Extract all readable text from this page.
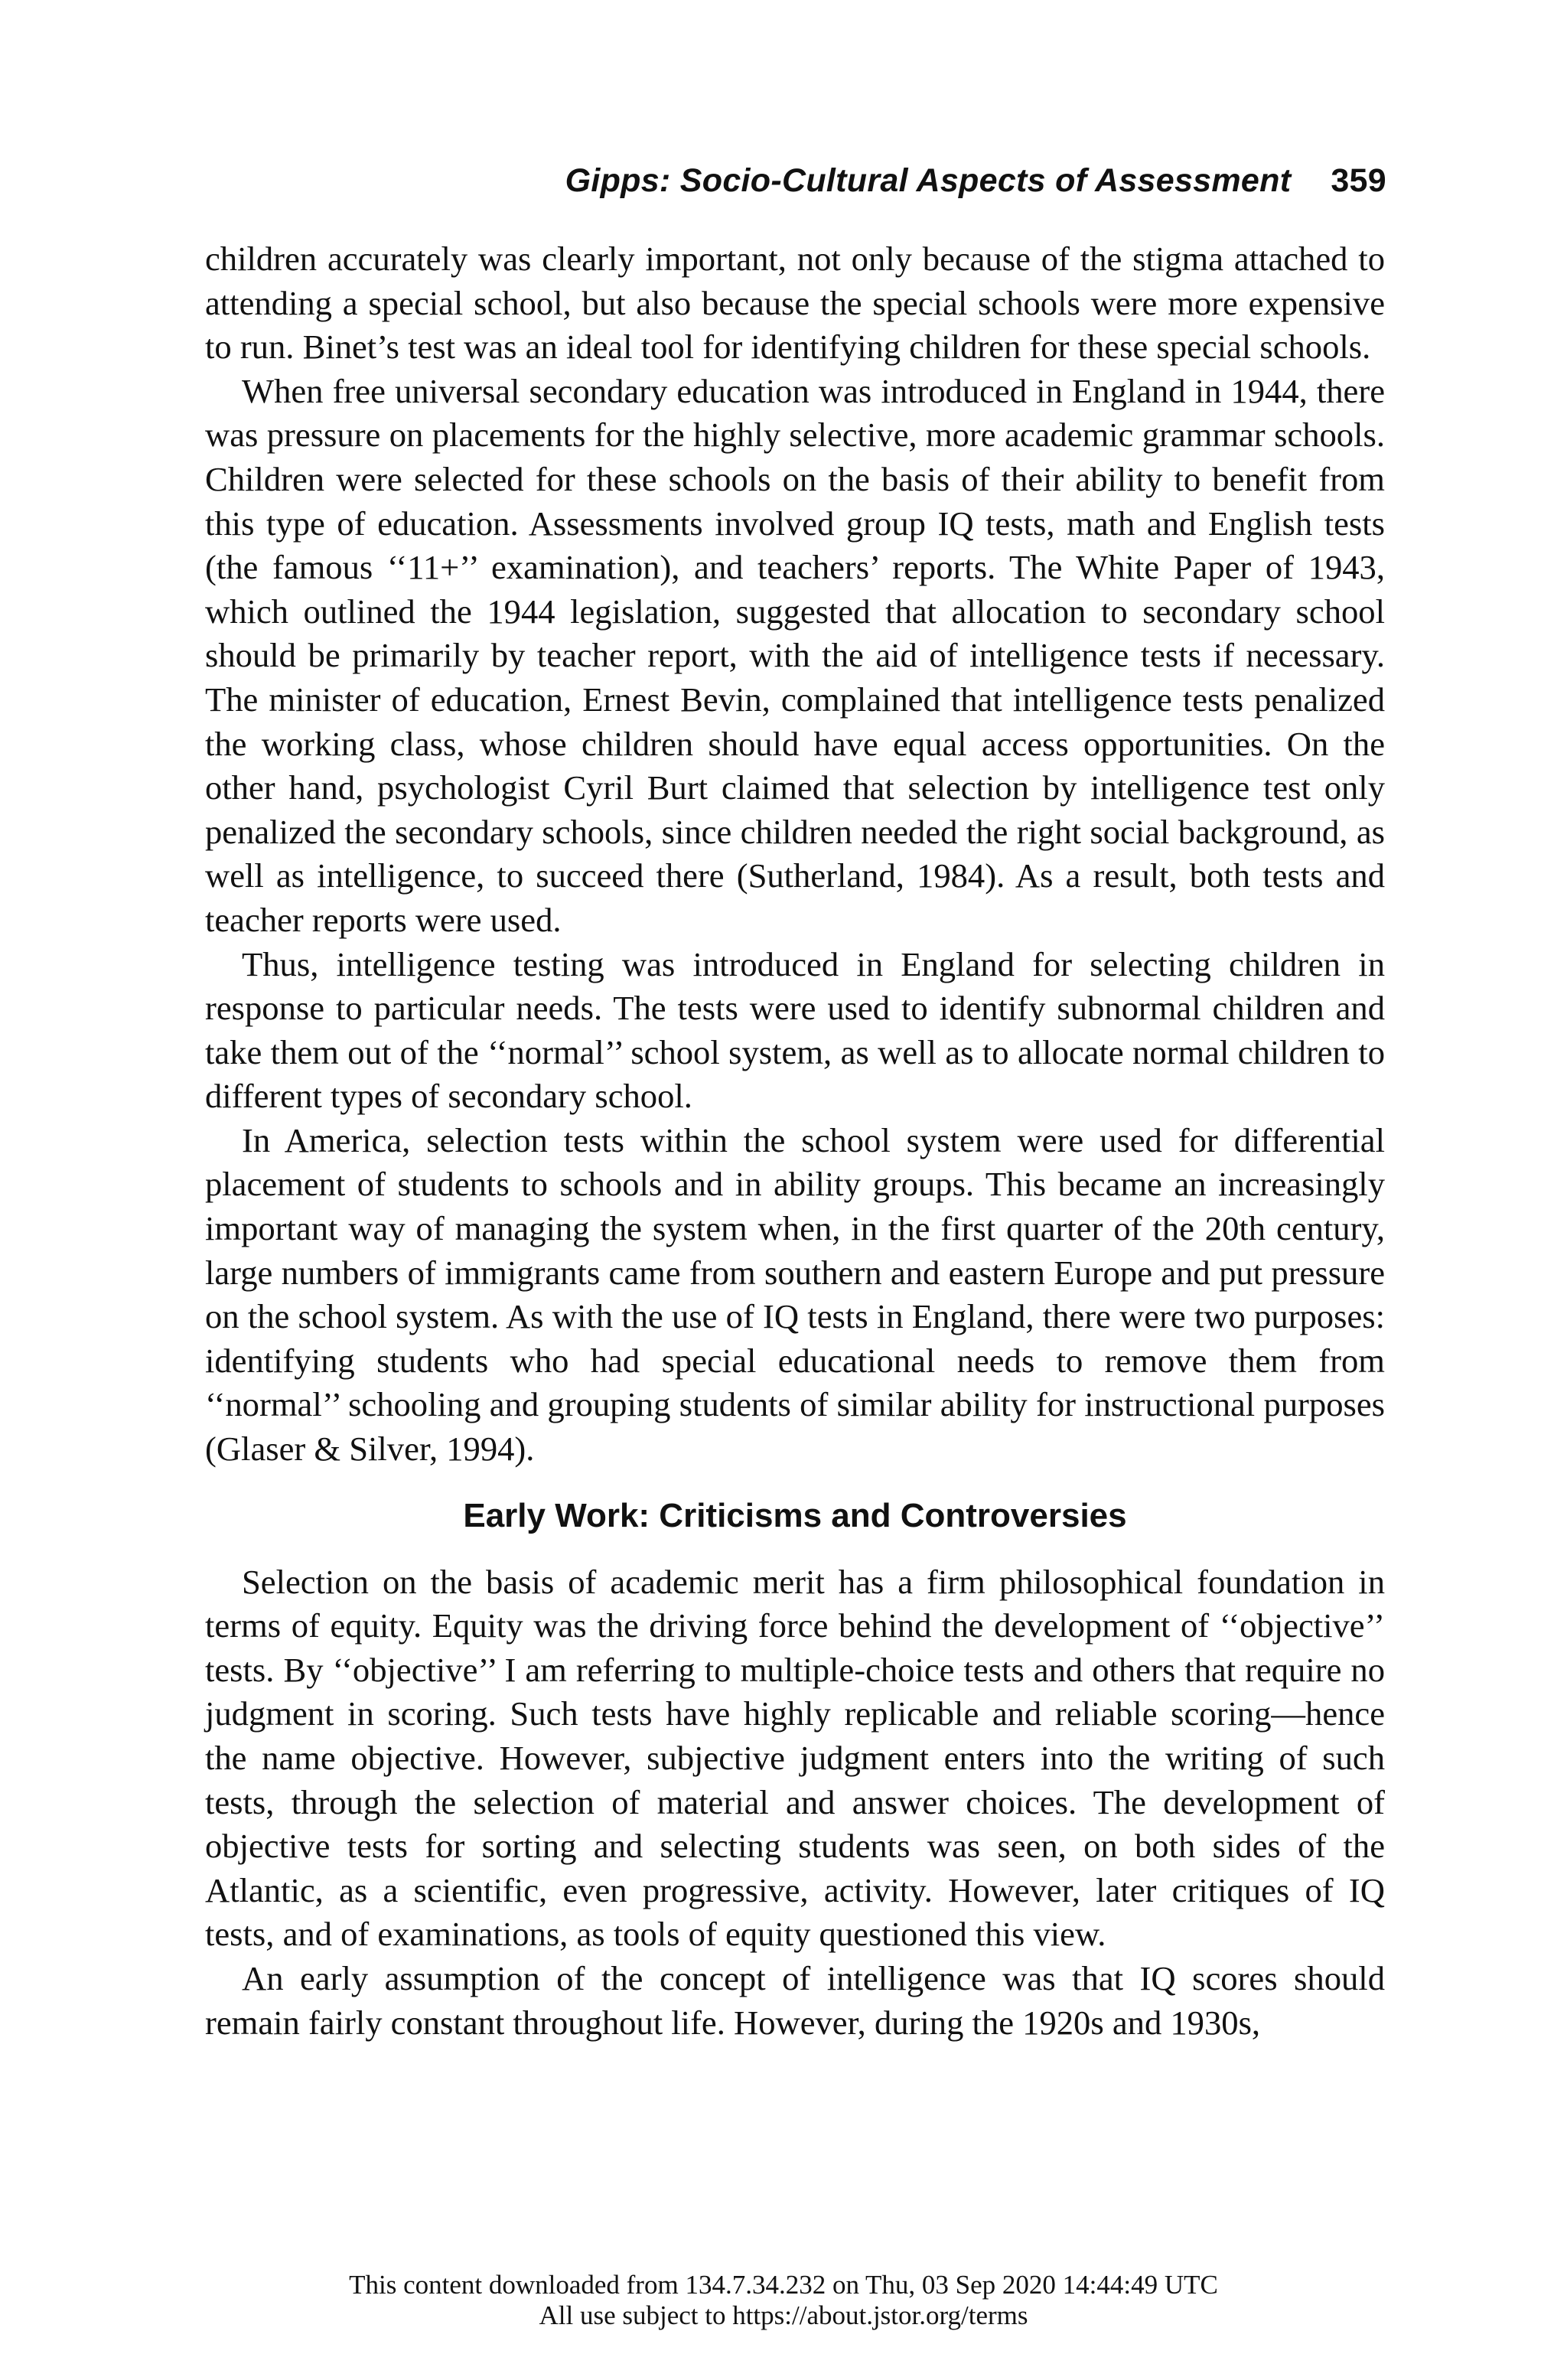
Gipps: Socio-Cultural Aspects of Assessment 359

children accurately was clearly important, not only because of the stigma attached to attending a special school, but also because the special schools were more expensive to run. Binet’s test was an ideal tool for identifying children for these special schools.

When free universal secondary education was introduced in England in 1944, there was pressure on placements for the highly selective, more academic grammar schools. Children were selected for these schools on the basis of their ability to benefit from this type of education. Assessments involved group IQ tests, math and English tests (the famous ‘‘11+’’ examination), and teachers’ reports. The White Paper of 1943, which outlined the 1944 legislation, suggested that allocation to secondary school should be primarily by teacher report, with the aid of intelligence tests if necessary. The minister of education, Ernest Bevin, complained that intelligence tests penalized the working class, whose children should have equal access opportunities. On the other hand, psychologist Cyril Burt claimed that selection by intelligence test only penalized the secondary schools, since children needed the right social background, as well as intelligence, to succeed there (Sutherland, 1984). As a result, both tests and teacher reports were used.

Thus, intelligence testing was introduced in England for selecting children in response to particular needs. The tests were used to identify subnormal children and take them out of the ‘‘normal’’ school system, as well as to allocate normal children to different types of secondary school.

In America, selection tests within the school system were used for differential placement of students to schools and in ability groups. This became an increasingly important way of managing the system when, in the first quarter of the 20th century, large numbers of immigrants came from southern and eastern Europe and put pressure on the school system. As with the use of IQ tests in England, there were two purposes: identifying students who had special educational needs to remove them from ‘‘normal’’ schooling and grouping students of similar ability for instructional purposes (Glaser & Silver, 1994).

Early Work: Criticisms and Controversies

Selection on the basis of academic merit has a firm philosophical foundation in terms of equity. Equity was the driving force behind the development of ‘‘objective’’ tests. By ‘‘objective’’ I am referring to multiple-choice tests and others that require no judgment in scoring. Such tests have highly replicable and reliable scoring—hence the name objective. However, subjective judgment enters into the writing of such tests, through the selection of material and answer choices. The development of objective tests for sorting and selecting students was seen, on both sides of the Atlantic, as a scientific, even progressive, activity. However, later critiques of IQ tests, and of examinations, as tools of equity questioned this view.

An early assumption of the concept of intelligence was that IQ scores should remain fairly constant throughout life. However, during the 1920s and 1930s,

This content downloaded from 134.7.34.232 on Thu, 03 Sep 2020 14:44:49 UTC
All use subject to https://about.jstor.org/terms
